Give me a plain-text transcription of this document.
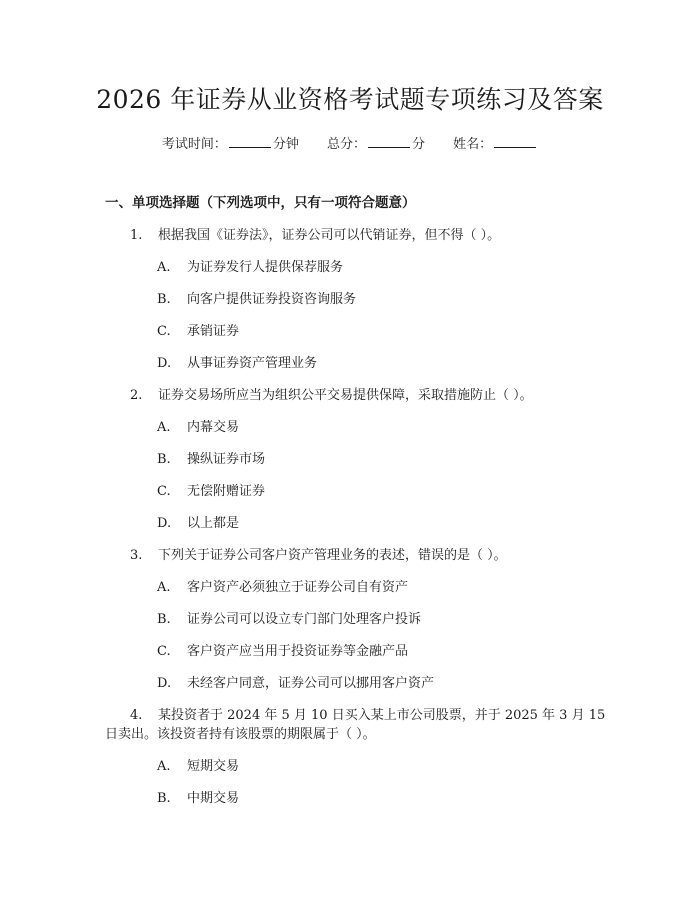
2026 年证券从业资格考试题专项练习及答案
考试时间：	分钟 总分：	分 姓名：
一、单项选择题（下列选项中，只有一项符合题意）
1. 根据我国《证券法》，证券公司可以代销证券，但不得（ ）。
A. 为证券发行人提供保荐服务
B. 向客户提供证券投资咨询服务
C. 承销证券
D. 从事证券资产管理业务
2. 证券交易场所应当为组织公平交易提供保障，采取措施防止（ ）。
A. 内幕交易
B. 操纵证券市场
C. 无偿附赠证券
D. 以上都是
3. 下列关于证券公司客户资产管理业务的表述，错误的是（ ）。
A. 客户资产必须独立于证券公司自有资产
B. 证券公司可以设立专门部门处理客户投诉
C. 客户资产应当用于投资证券等金融产品
D. 未经客户同意，证券公司可以挪用客户资产
4. 某投资者于 2024 年 5 月 10 日买入某上市公司股票，并于 2025 年 3 月 15
日卖出。该投资者持有该股票的期限属于（ ）。
A. 短期交易
B. 中期交易
